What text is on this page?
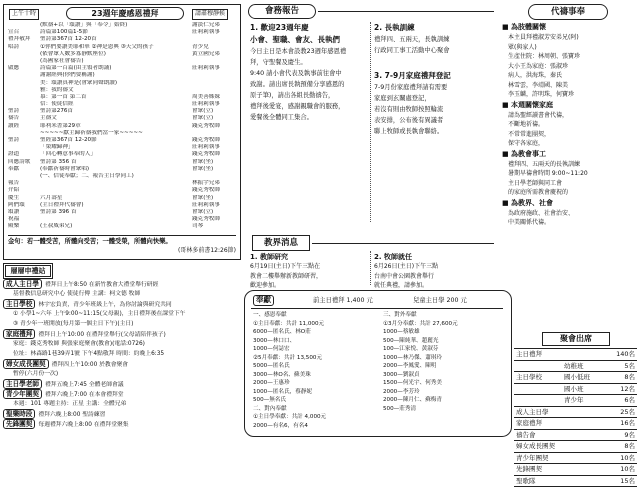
上午十時	23週年慶感恩禮拜	請肅穆靜候
(默禱+以「頌讚」與「奉令」始終)	謝淡仁兄弟
宣召	詩篇第100篇1-5節	莊莉莉執事
禮拜敬拜	聖詩第367首 12-20首
唱詩	①你們要讚美耶和華 ②神是恩典 ③天父的孩子	青少兒
(依會眾人數多寡靜默座位)	黃立國兄弟
(為國家社會禱告)
啟應	詩篇第一百篇(由主領者朗誦)	莊莉莉執事
謝謝經典(你們要稱謝)
美：頌讚真神是(會眾同聲朗讀)
雅：我的禱文
慕：第一首 第二首	周美善姊妹
信：使徒信經	莊莉莉執事
聖詩	聖詩第276首	會眾(立)
禱告	主禱文	會眾(立)
讀經	耶利米書第29章	錢克秀牧師
~~~~~獻主歸祈禱我們當一家~~~~~
聖詩	聖經第367首 12-20節	錢克秀牧師
「榮耀歸神」	莊莉莉執事
證道	「回心轉意事奉的人」	錢克秀牧師
回應詩歌	聖詩第 356 首	會眾(坐)
奉獻	(奉獻祈禱時會眾唱)	會眾(坐)
(一、信徒奉獻；二、報告主日學同工)
報告	林振宇兄弟
介紹	錢克秀牧師
慶生	六月壽星	會眾(坐)
阿們頌	(主日禮拜代禱會)	莊莉莉執事
頌讚	聖詩第 396 首	會眾(立)
祝福	錢克秀牧師
殿樂	(王叔威弟兄)	司琴
金句：若一體受苦，所體向受苦；一體受榮，所體向快樂。
(哥林多前書12:26節)
層層申禮站
成人主日學 禮拜日上午8:50 在新竹教會大禮堂舉行研經
基督教信息研究中心 使徒行傳 主講：柯文德 牧師
主日學校 林宇宏負責，青少年班級上午，為你討論與研究共同
① 小學1~六年 上午9:00~11:15(父母親)，主日禮拜後在課堂下午
③ 青少年一班開放(每月第一個主日下午)(主日)
家庭禮拜 禮拜日上午10:00 在禮拜堂舉行(父母請陪伴孩子)
家庭：錢克秀牧師 與張家庭聚會(教會)(電話:0726)
位址：林森路1巷39弄1號 下午4點敬拜 時間：約晚上6:35
婦女成長團契 禮拜四上午10:00 於教會聚會
暫停(六月份一次)
主日學老師 禮拜五晚上7:45 全體老師會議
青少年團契 禮拜六晚上7:00 在本會禮拜堂
本週：101 專題主持：正星 主講：全體兄弟
聖樂時段 禮拜六晚上8:00 聖詩練習
先鋒團契 每週禮拜六晚上8:00 在禮拜堂聚集
會務報告
1. 歡迎23週年慶
小會、聖職、會友、長執們
今日主日是本會設教23週年感恩禮
拜，守聖餐及慶生。
9:40 請小會代表及執事前往會中
致謝。請出席長執預備分享感恩的
原子筆)，請出各組長勤禱告，
禮拜後愛宴，感謝親職會的服務，
愛餐後全體同工集合。
2. 長執訓練
禮拜四、五兩天，長執訓練
行政同工事工活動中心聚會
3. 7-9月家庭禮拜登記
7-9月份家庭禮拜請有需要
家庭到玄關處登記，
若沒有則由牧師按照輪流
表安排，公布後有異議者
聯上牧師或長執會聯絡。
教界消息
1. 教師研究
6月19日(主日)下午三點在
教會二樓舉辦新教師研習，
歡迎參加。
2. 牧師就任
6月26日(主日)下午三點
台南中會公園教會舉行
就任典禮，請參加。
代禱事奉
■ 為肢體關懷
本主員拜禮淑芳安弟兄(阿)
眾(與家人)
生產住院：林周朝、張寶珍
大小王為家庭：張淑珍
病人，洪海珠，秦氏
林雪雲，李靖國、陳美
李玉麟，許明珠，何寶珍
■ 本週關懷家庭
請為聖經讀書會代禱，
不斷地祈禱。
不常常進團契，
保守各家庭，
■ 為教會事工
禮拜四、五兩天的長執訓練
暑期早禱會時間 9:00~11:20
主日學老師與同工會
的家庭所需教會慶祝的
■ 為教界、社會
為政府施政、社會治安、
中美關係代禱。
奉獻	前主日禮拜 1,400 元	兒童主日學 200 元
一、感恩奉獻
①主日奉獻：共計 11,000元
6000—匿名氏、林O莊
3000—林口口、
1000—何誌宏
②5月奉獻：共計 13,500元
5000—匿名氏
3000—林O名、蘇美珠
2000—王惠珍
1000—匿名氏，蔡靜妮
500—無名氏
二、對內奉獻
①主日學奉獻：共計 4,000元
2000—有名6，有名4
三、對外奉獻
①3月分奉獻：共計 27,600元
1000—蔡敏雄
500—陳純華、趙麗光
100—江家悦、黃淑芬
1000—林乃傑、蕭琪玲
2000—李鳳愛、陳明
3000—劉淑貞
1500—何光宇、何秀美
2000—李芳玲
2000—陳月仁、蘇梅青
500—莊秀清
聚會出席
主日禮拜		140名
	幼稚班	5名
主日學校	國小低班	8名
	國小班	12名
	青少年	6名
成人主日學		25名
家庭禮拜		16名
禱告會		9名
婦女成長團契		8名
青少年團契		10名
先鋒團契		10名
聖歌隊		15名
